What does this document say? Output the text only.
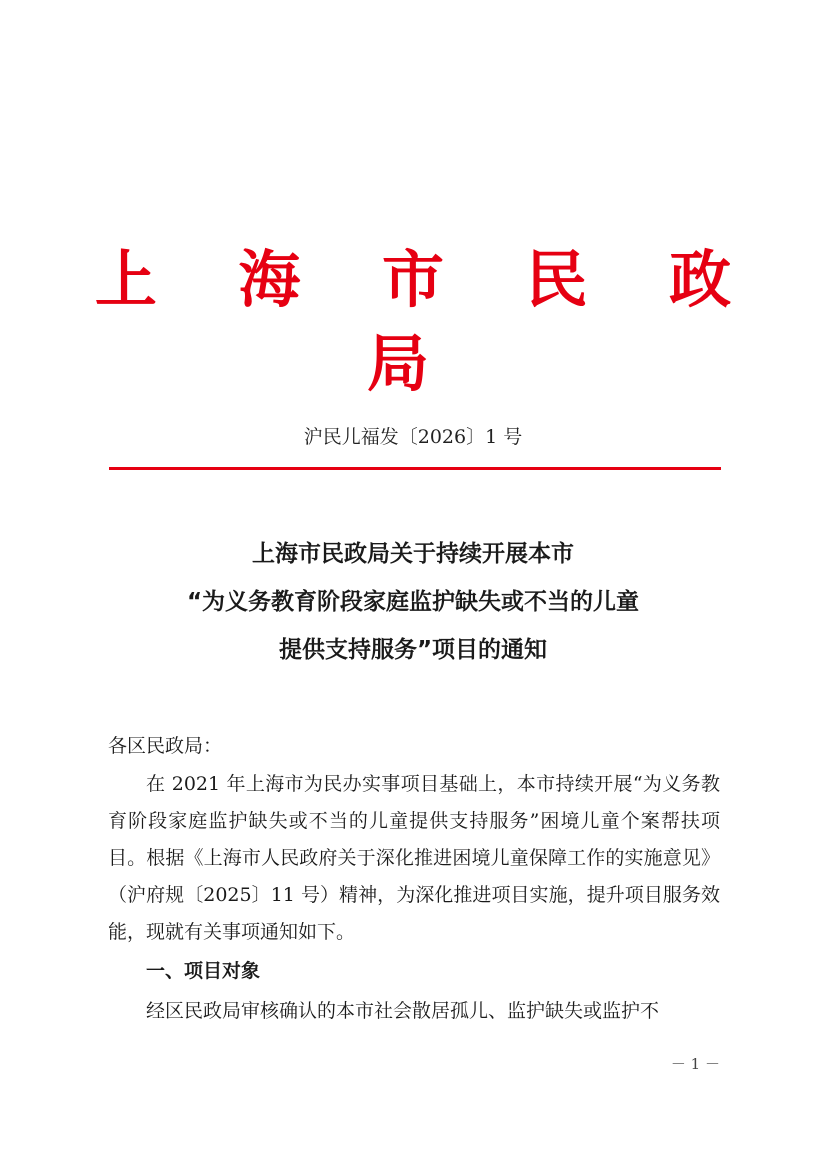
上 海 市 民 政 局
沪民儿福发〔2026〕1 号
上海市民政局关于持续开展本市
“为义务教育阶段家庭监护缺失或不当的儿童
提供支持服务”项目的通知

各区民政局：

在 2021 年上海市为民办实事项目基础上，本市持续开展“为义务教育阶段家庭监护缺失或不当的儿童提供支持服务”困境儿童个案帮扶项目。根据《上海市人民政府关于深化推进困境儿童保障工作的实施意见》（沪府规〔2025〕11 号）精神，为深化推进项目实施，提升项目服务效能，现就有关事项通知如下。

一、项目对象

经区民政局审核确认的本市社会散居孤儿、监护缺失或监护不

－ 1 －
